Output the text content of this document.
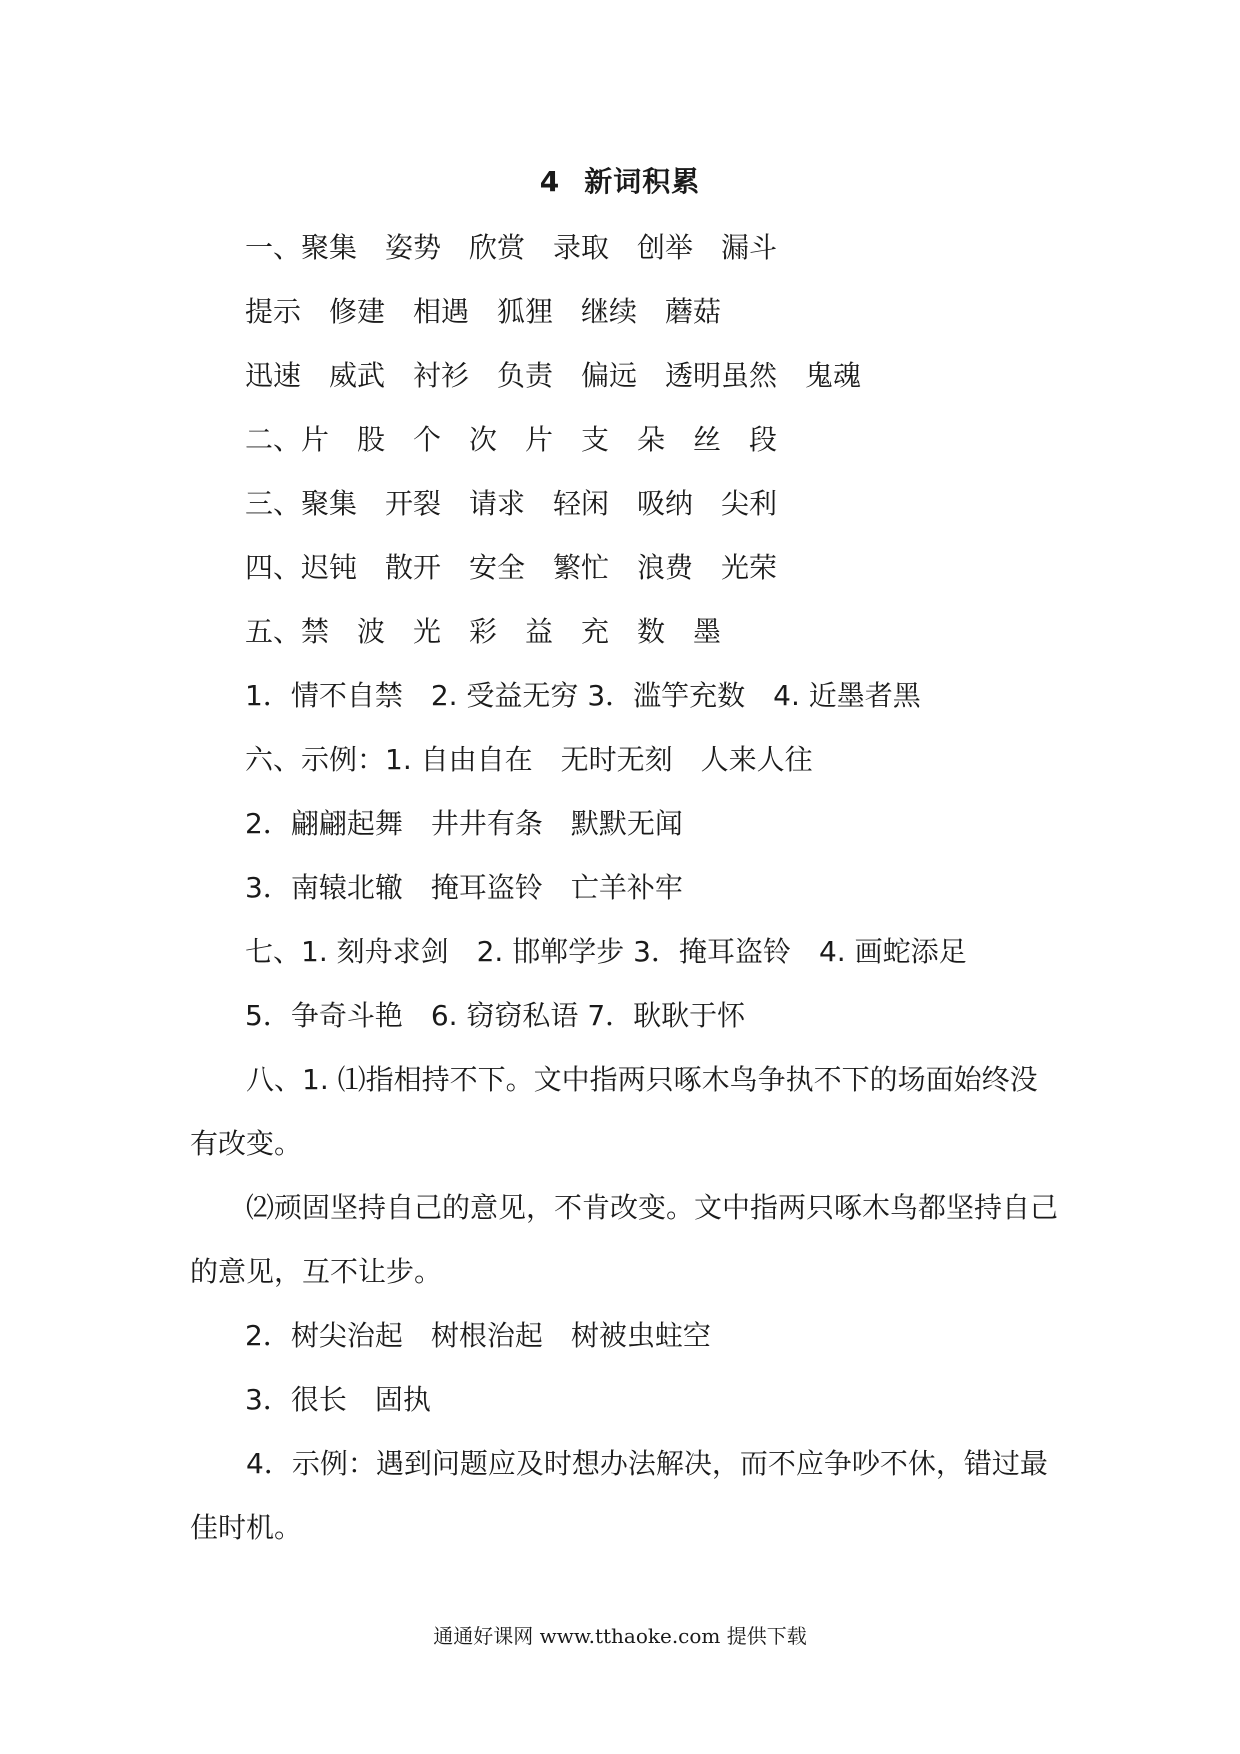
4 新词积累
一、聚集　姿势　欣赏　录取　创举　漏斗
提示　修建　相遇　狐狸　继续　蘑菇
迅速　威武　衬衫　负责　偏远　透明虽然　鬼魂
二、片　股　个　次　片　支　朵　丝　段
三、聚集　开裂　请求　轻闲　吸纳　尖利
四、迟钝　散开　安全　繁忙　浪费　光荣
五、禁　波　光　彩　益　充　数　墨
1．情不自禁　2. 受益无穷 3．滥竽充数　4. 近墨者黑
六、示例：1. 自由自在　无时无刻　人来人往
2．翩翩起舞　井井有条　默默无闻
3．南辕北辙　掩耳盗铃　亡羊补牢
七、1. 刻舟求剑　2. 邯郸学步 3．掩耳盗铃　4. 画蛇添足
5．争奇斗艳　6. 窃窃私语 7．耿耿于怀
八、1. ⑴指相持不下。文中指两只啄木鸟争执不下的场面始终没有改变。
⑵顽固坚持自己的意见，不肯改变。文中指两只啄木鸟都坚持自己的意见，互不让步。
2．树尖治起　树根治起　树被虫蛀空
3．很长　固执
4．示例：遇到问题应及时想办法解决，而不应争吵不休，错过最佳时机。
通通好课网 www.tthaoke.com 提供下载
